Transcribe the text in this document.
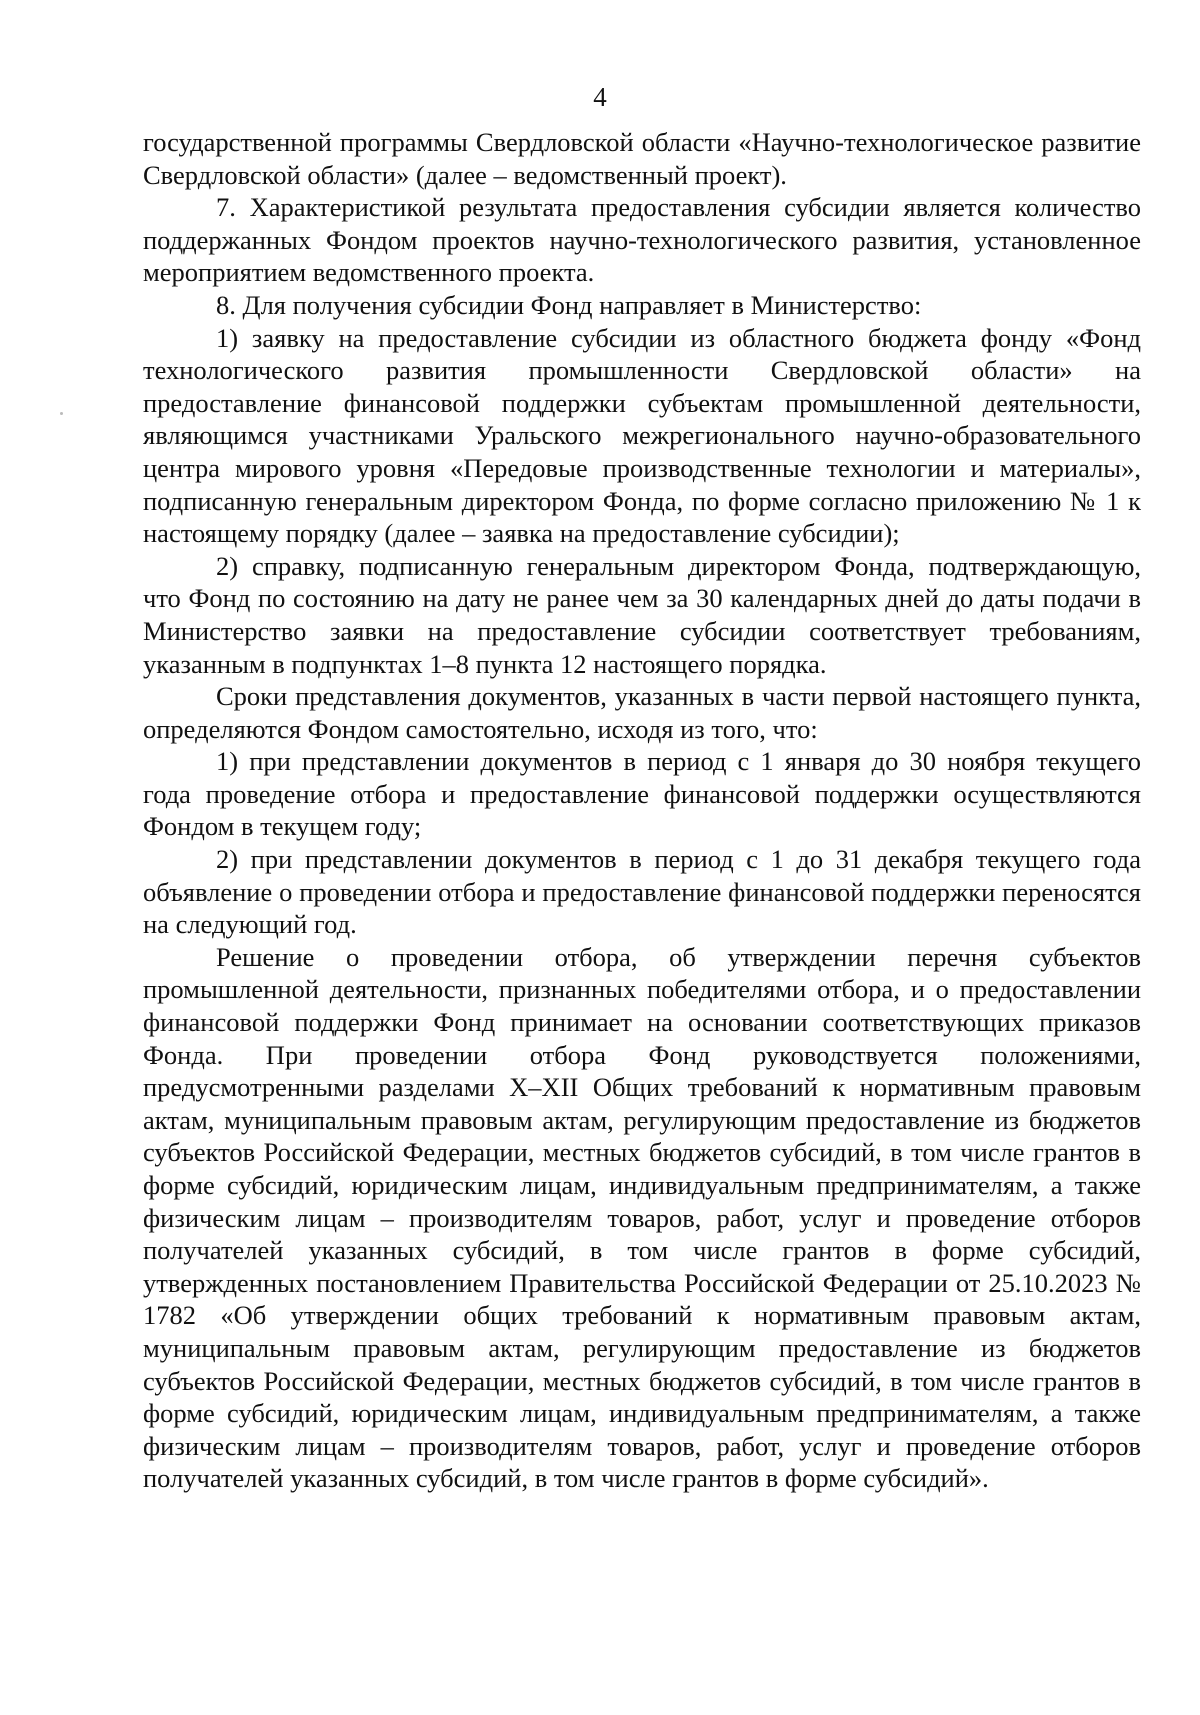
4

государственной программы Свердловской области «Научно-технологическое развитие Свердловской области» (далее – ведомственный проект).

7. Характеристикой результата предоставления субсидии является количество поддержанных Фондом проектов научно-технологического развития, установленное мероприятием ведомственного проекта.

8. Для получения субсидии Фонд направляет в Министерство:

1) заявку на предоставление субсидии из областного бюджета фонду «Фонд технологического развития промышленности Свердловской области» на предоставление финансовой поддержки субъектам промышленной деятельности, являющимся участниками Уральского межрегионального научно-образовательного центра мирового уровня «Передовые производственные технологии и материалы», подписанную генеральным директором Фонда, по форме согласно приложению № 1 к настоящему порядку (далее – заявка на предоставление субсидии);

2) справку, подписанную генеральным директором Фонда, подтверждающую, что Фонд по состоянию на дату не ранее чем за 30 календарных дней до даты подачи в Министерство заявки на предоставление субсидии соответствует требованиям, указанным в подпунктах 1–8 пункта 12 настоящего порядка.

Сроки представления документов, указанных в части первой настоящего пункта, определяются Фондом самостоятельно, исходя из того, что:

1) при представлении документов в период с 1 января до 30 ноября текущего года проведение отбора и предоставление финансовой поддержки осуществляются Фондом в текущем году;

2) при представлении документов в период с 1 до 31 декабря текущего года объявление о проведении отбора и предоставление финансовой поддержки переносятся на следующий год.

Решение о проведении отбора, об утверждении перечня субъектов промышленной деятельности, признанных победителями отбора, и о предоставлении финансовой поддержки Фонд принимает на основании соответствующих приказов Фонда. При проведении отбора Фонд руководствуется положениями, предусмотренными разделами X–XII Общих требований к нормативным правовым актам, муниципальным правовым актам, регулирующим предоставление из бюджетов субъектов Российской Федерации, местных бюджетов субсидий, в том числе грантов в форме субсидий, юридическим лицам, индивидуальным предпринимателям, а также физическим лицам – производителям товаров, работ, услуг и проведение отборов получателей указанных субсидий, в том числе грантов в форме субсидий, утвержденных постановлением Правительства Российской Федерации от 25.10.2023 № 1782 «Об утверждении общих требований к нормативным правовым актам, муниципальным правовым актам, регулирующим предоставление из бюджетов субъектов Российской Федерации, местных бюджетов субсидий, в том числе грантов в форме субсидий, юридическим лицам, индивидуальным предпринимателям, а также физическим лицам – производителям товаров, работ, услуг и проведение отборов получателей указанных субсидий, в том числе грантов в форме субсидий».
